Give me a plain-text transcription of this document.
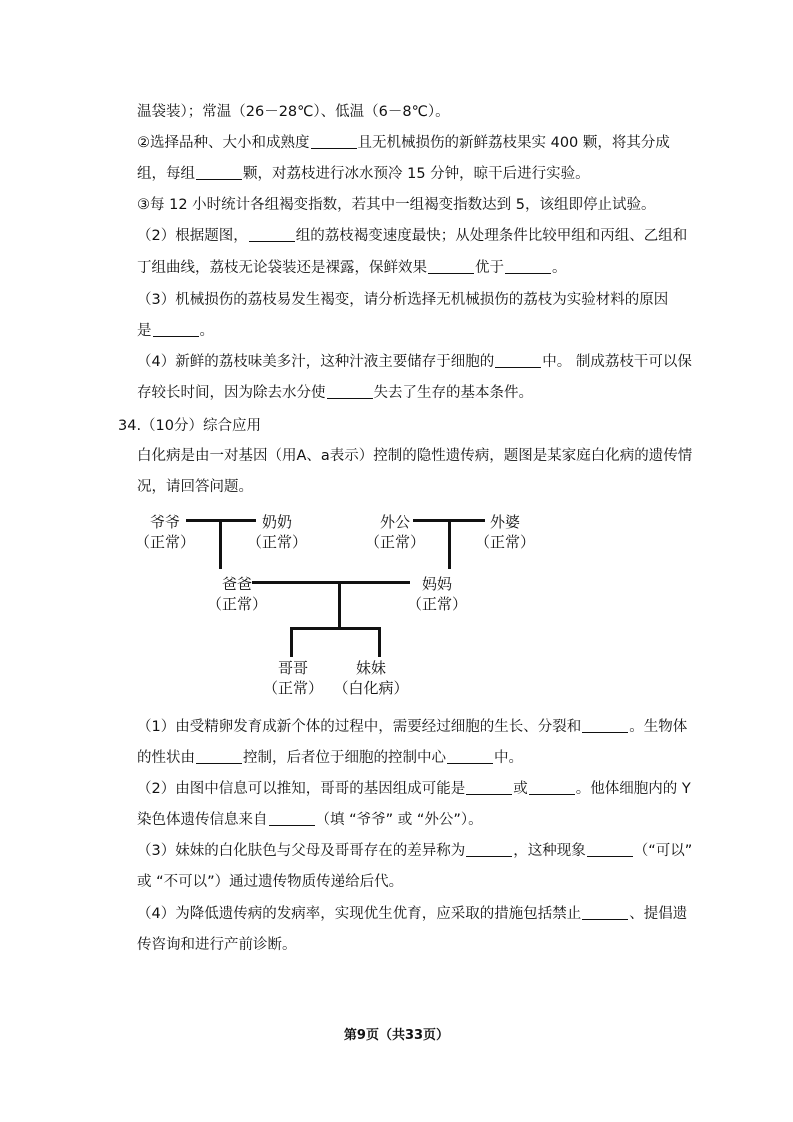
温袋装）；常温（26－28℃）、低温（6－8℃）。
②选择品种、大小和成熟度	且无机械损伤的新鲜荔枝果实 400 颗，将其分成
组，每组	颗，对荔枝进行冰水预冷 15 分钟，晾干后进行实验。
③每 12 小时统计各组褐变指数，若其中一组褐变指数达到 5，该组即停止试验。
（2）根据题图，	组的荔枝褐变速度最快；从处理条件比较甲组和丙组、乙组和
丁组曲线，荔枝无论袋装还是裸露，保鲜效果	优于	。
（3）机械损伤的荔枝易发生褐变，请分析选择无机械损伤的荔枝为实验材料的原因
是	。
（4）新鲜的荔枝味美多汁，这种汁液主要储存于细胞的	中。 制成荔枝干可以保
存较长时间，因为除去水分使	失去了生存的基本条件。
34.（10分）综合应用
白化病是由一对基因（用A、a表示）控制的隐性遗传病，题图是某家庭白化病的遗传情
况，请回答问题。
（1）由受精卵发育成新个体的过程中，需要经过细胞的生长、分裂和	。生物体
的性状由	控制，后者位于细胞的控制中心	中。
（2）由图中信息可以推知，哥哥的基因组成可能是	或	。他体细胞内的 Y
染色体遗传信息来自	（填 “爷爷” 或 “外公”）。
（3）妹妹的白化肤色与父母及哥哥存在的差异称为	，这种现象	（“可以”
或 “不可以”）通过遗传物质传递给后代。
（4）为降低遗传病的发病率，实现优生优育，应采取的措施包括禁止	、提倡遗
传咨询和进行产前诊断。
爷爷
（正常）
奶奶
（正常）
外公
（正常）
外婆
（正常）
爸爸
（正常）
妈妈
（正常）
哥哥
（正常）
妹妹
（白化病）
第9页（共33页）
